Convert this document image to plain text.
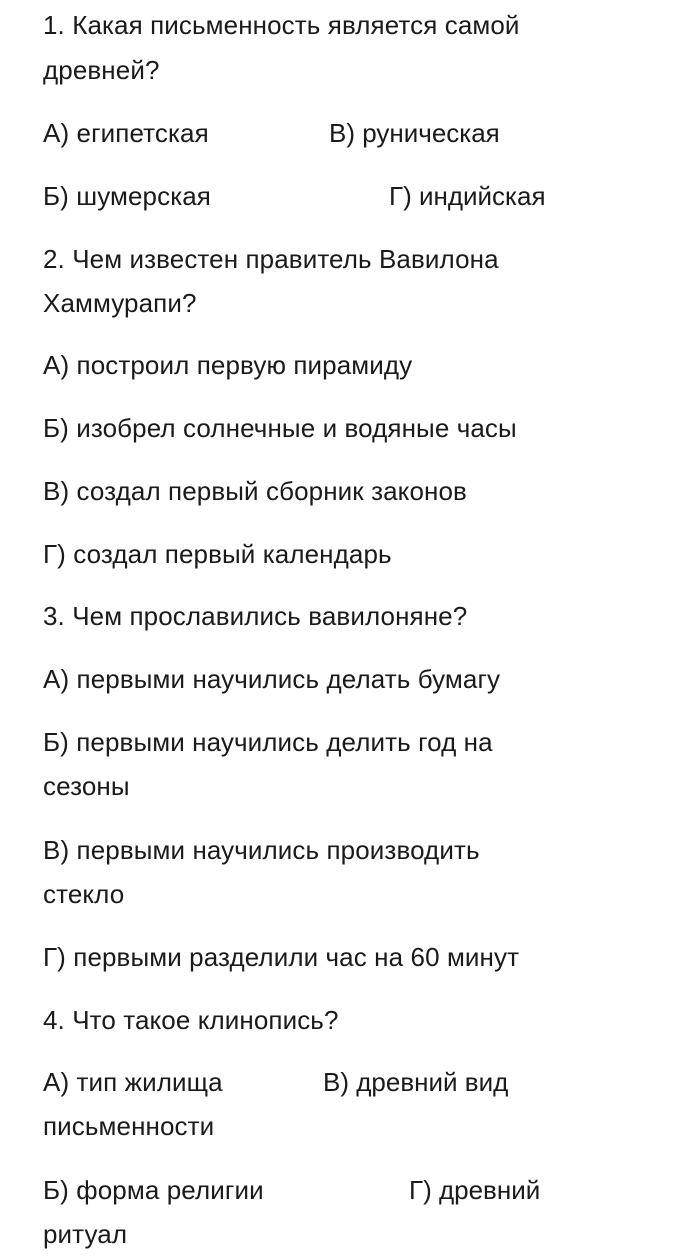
1. Какая письменность является самой
древней?
А) египетская	В) руническая
Б) шумерская	Г) индийская
2. Чем известен правитель Вавилона
Хаммурапи?
А) построил первую пирамиду
Б) изобрел солнечные и водяные часы
В) создал первый сборник законов
Г) создал первый календарь
3. Чем прославились вавилоняне?
А) первыми научились делать бумагу
Б) первыми научились делить год на
сезоны
В) первыми научились производить
стекло
Г) первыми разделили час на 60 минут
4. Что такое клинопись?
А) тип жилища	В) древний вид
письменности
Б) форма религии	Г) древний
ритуал
